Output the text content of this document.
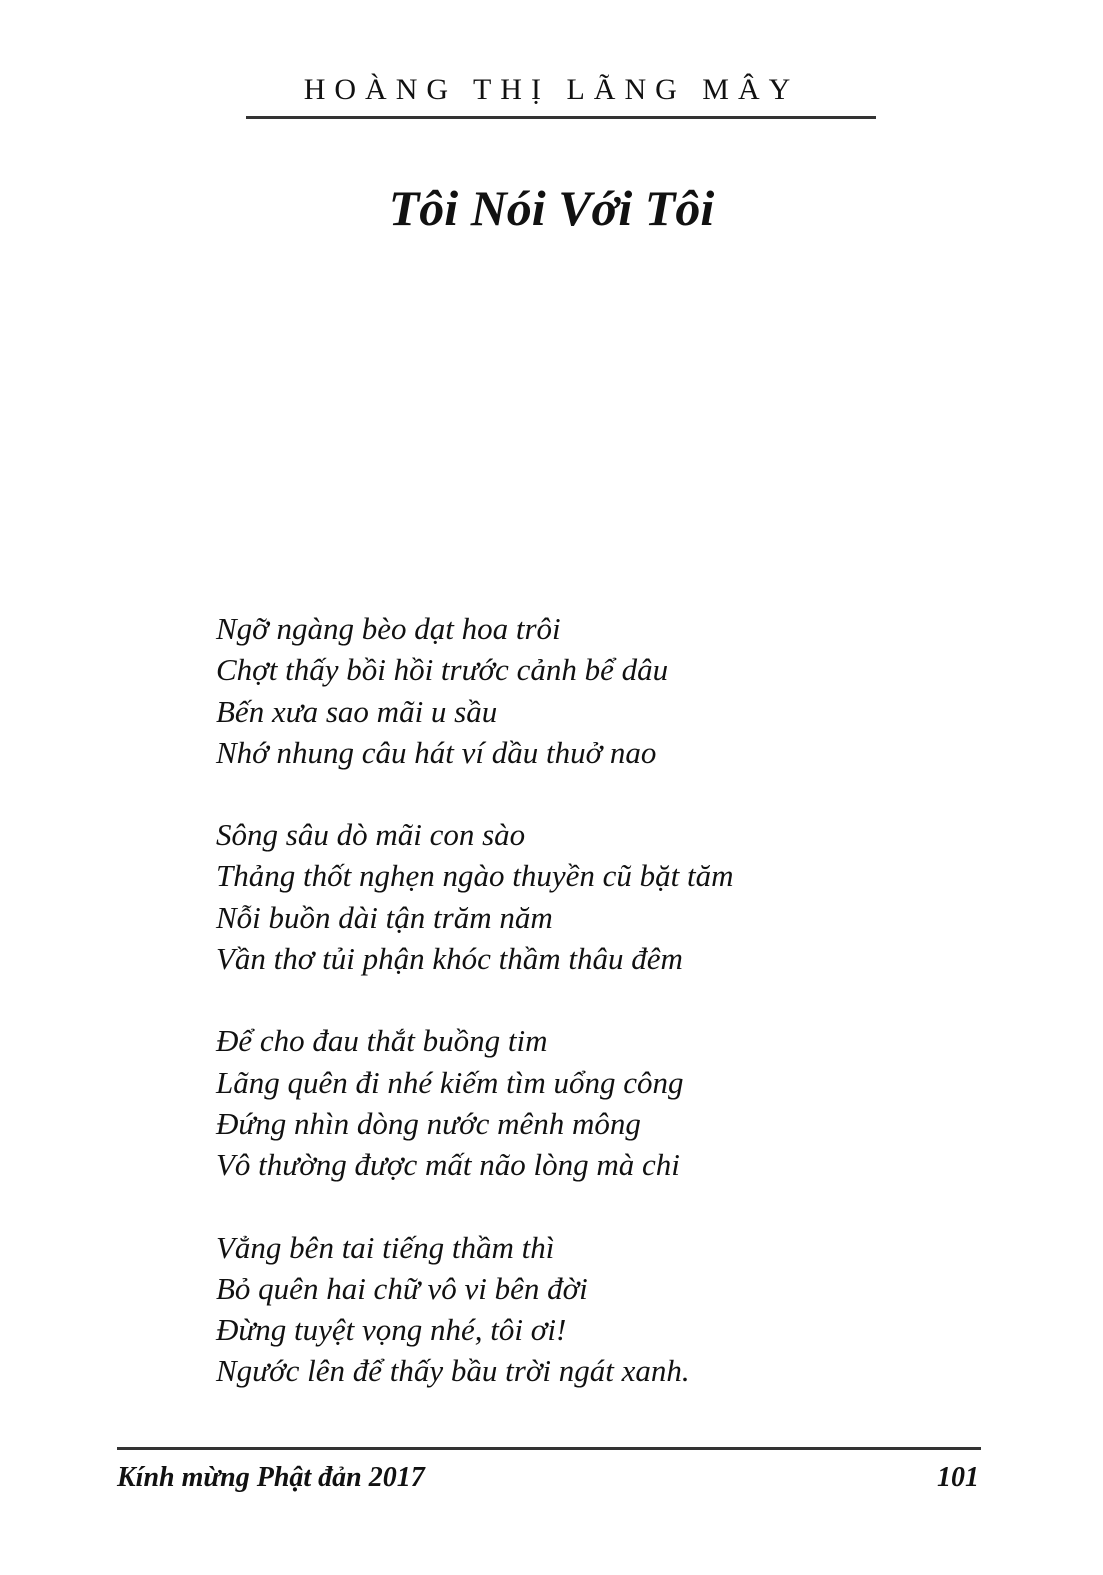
HOÀNG THỊ LÃNG MÂY
Tôi Nói Với Tôi
Ngỡ ngàng bèo dạt hoa trôi
Chợt thấy bồi hồi trước cảnh bể dâu
Bến xưa sao mãi u sầu
Nhớ nhung câu hát ví dầu thuở nao
Sông sâu dò mãi con sào
Thảng thốt nghẹn ngào thuyền cũ bặt tăm
Nỗi buồn dài tận trăm năm
Vần thơ tủi phận khóc thầm thâu đêm
Để cho đau thắt buồng tim
Lãng quên đi nhé kiếm tìm uổng công
Đứng nhìn dòng nước mênh mông
Vô thường được mất não lòng mà chi
Vẳng bên tai tiếng thầm thì
Bỏ quên hai chữ vô vi bên đời
Đừng tuyệt vọng nhé, tôi ơi!
Ngước lên để thấy bầu trời ngát xanh.
Kính mừng Phật đản 2017	101
